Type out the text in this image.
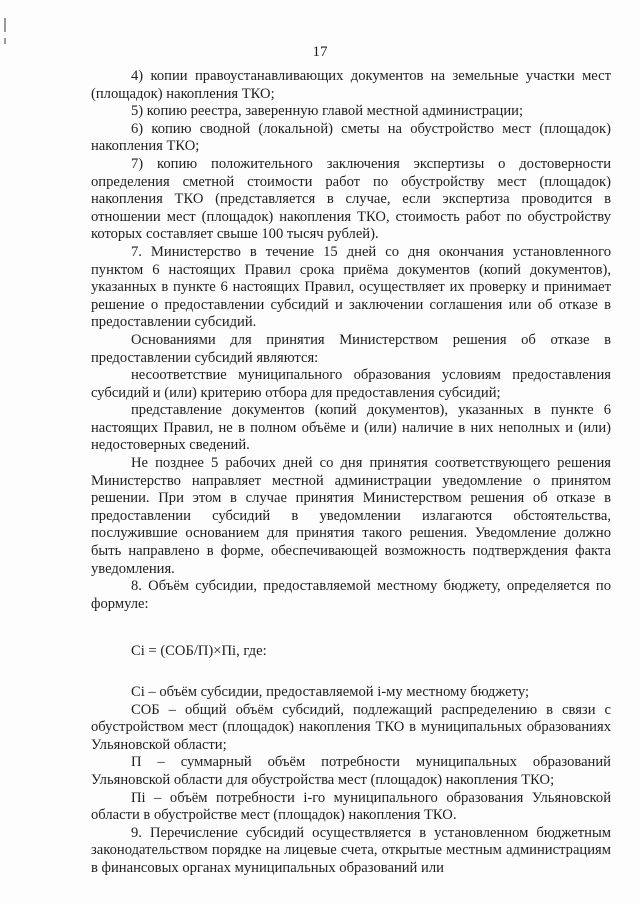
17

4) копии правоустанавливающих документов на земельные участки мест (площадок) накопления ТКО;

5) копию реестра, заверенную главой местной администрации;

6) копию сводной (локальной) сметы на обустройство мест (площадок) накопления ТКО;

7) копию положительного заключения экспертизы о достоверности определения сметной стоимости работ по обустройству мест (площадок) накопления ТКО (представляется в случае, если экспертиза проводится в отношении мест (площадок) накопления ТКО, стоимость работ по обустройству которых составляет свыше 100 тысяч рублей).

7. Министерство в течение 15 дней со дня окончания установленного пунктом 6 настоящих Правил срока приёма документов (копий документов), указанных в пункте 6 настоящих Правил, осуществляет их проверку и принимает решение о предоставлении субсидий и заключении соглашения или об отказе в предоставлении субсидий.

Основаниями для принятия Министерством решения об отказе в предоставлении субсидий являются:

несоответствие муниципального образования условиям предоставления субсидий и (или) критерию отбора для предоставления субсидий;

представление документов (копий документов), указанных в пункте 6 настоящих Правил, не в полном объёме и (или) наличие в них неполных и (или) недостоверных сведений.

Не позднее 5 рабочих дней со дня принятия соответствующего решения Министерство направляет местной администрации уведомление о принятом решении. При этом в случае принятия Министерством решения об отказе в предоставлении субсидий в уведомлении излагаются обстоятельства, послужившие основанием для принятия такого решения. Уведомление должно быть направлено в форме, обеспечивающей возможность подтверждения факта уведомления.

8. Объём субсидии, предоставляемой местному бюджету, определяется по формуле:

Ci = (СОБ/П)×Пi, где:

Ci – объём субсидии, предоставляемой i-му местному бюджету;

СОБ – общий объём субсидий, подлежащий распределению в связи с обустройством мест (площадок) накопления ТКО в муниципальных образованиях Ульяновской области;

П – суммарный объём потребности муниципальных образований Ульяновской области для обустройства мест (площадок) накопления ТКО;

Пi – объём потребности i-го муниципального образования Ульяновской области в обустройстве мест (площадок) накопления ТКО.

9. Перечисление субсидий осуществляется в установленном бюджетным законодательством порядке на лицевые счета, открытые местным администрациям в финансовых органах муниципальных образований или
